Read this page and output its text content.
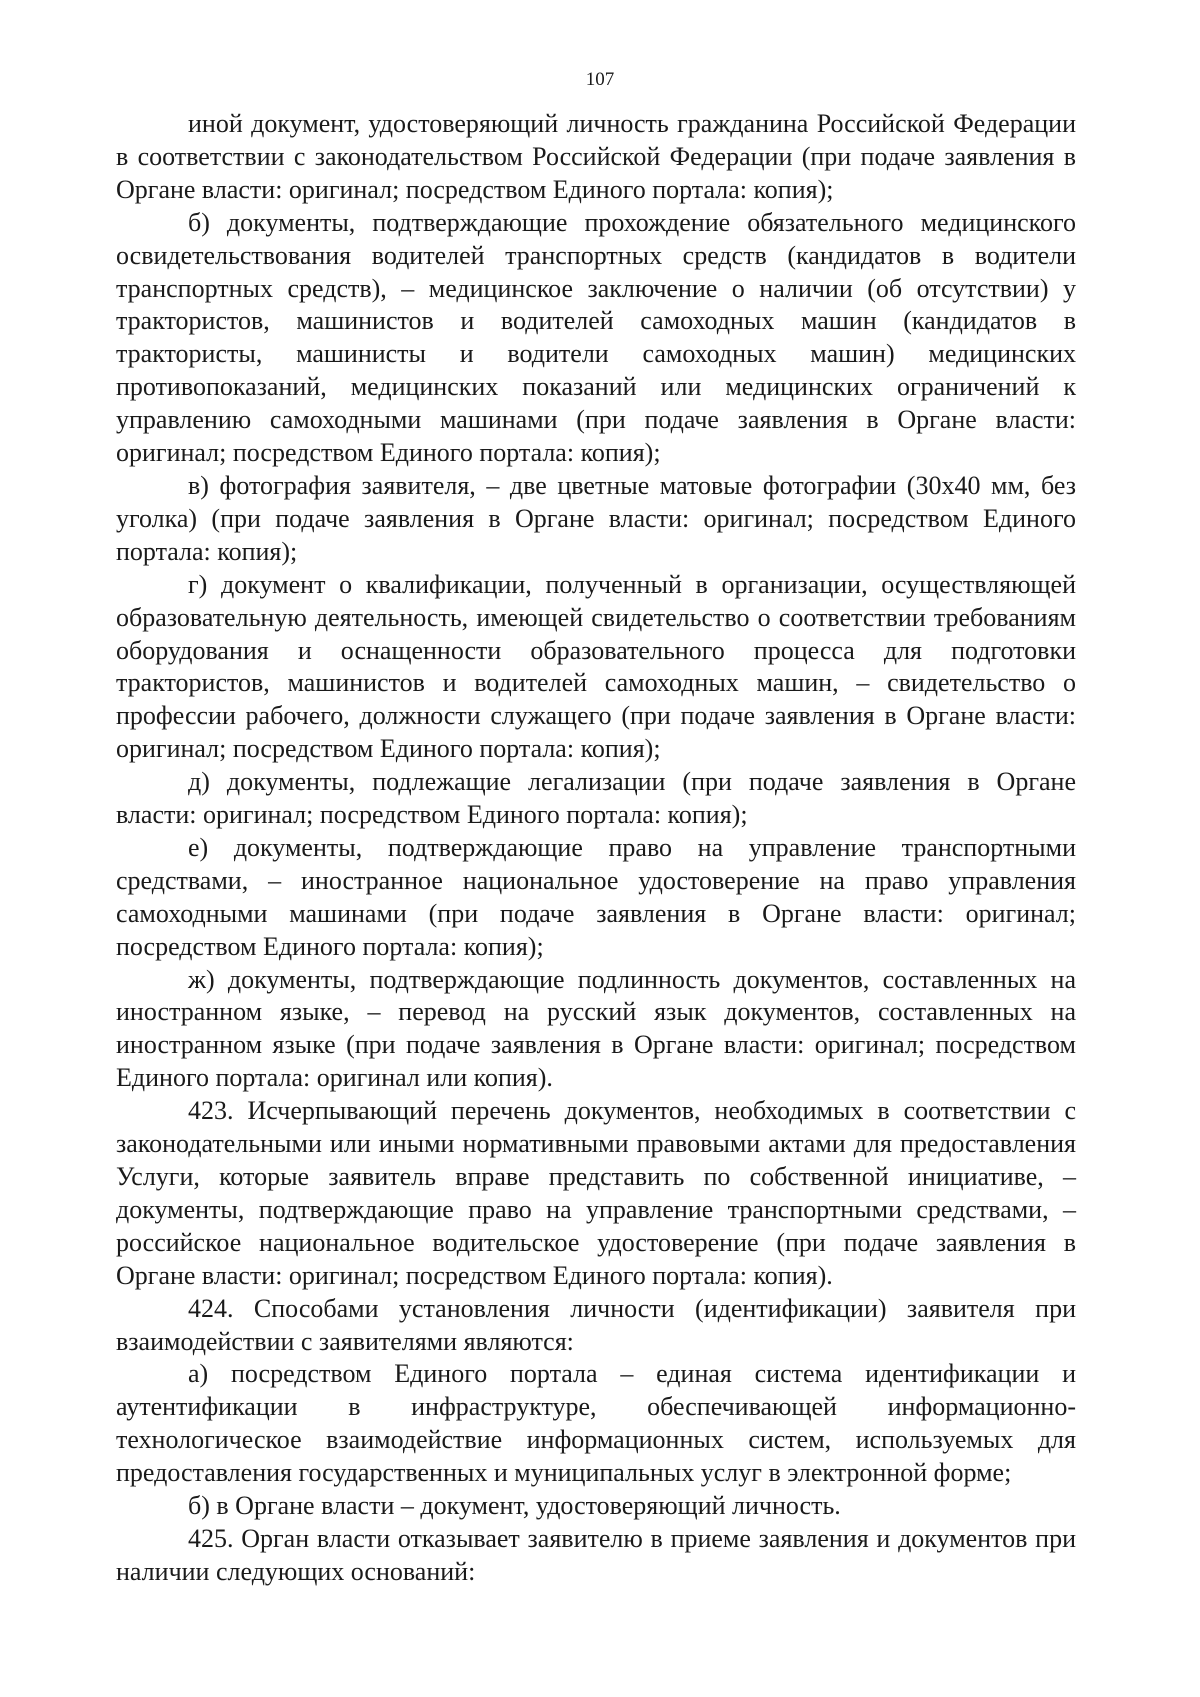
107

иной документ, удостоверяющий личность гражданина Российской Федерации в соответствии с законодательством Российской Федерации (при подаче заявления в Органе власти: оригинал; посредством Единого портала: копия);

б) документы, подтверждающие прохождение обязательного медицинского освидетельствования водителей транспортных средств (кандидатов в водители транспортных средств), – медицинское заключение о наличии (об отсутствии) у трактористов, машинистов и водителей самоходных машин (кандидатов в трактористы, машинисты и водители самоходных машин) медицинских противопоказаний, медицинских показаний или медицинских ограничений к управлению самоходными машинами (при подаче заявления в Органе власти: оригинал; посредством Единого портала: копия);

в) фотография заявителя, – две цветные матовые фотографии (30x40 мм, без уголка) (при подаче заявления в Органе власти: оригинал; посредством Единого портала: копия);

г) документ о квалификации, полученный в организации, осуществляющей образовательную деятельность, имеющей свидетельство о соответствии требованиям оборудования и оснащенности образовательного процесса для подготовки трактористов, машинистов и водителей самоходных машин, – свидетельство о профессии рабочего, должности служащего (при подаче заявления в Органе власти: оригинал; посредством Единого портала: копия);

д) документы, подлежащие легализации (при подаче заявления в Органе власти: оригинал; посредством Единого портала: копия);

е) документы, подтверждающие право на управление транспортными средствами, – иностранное национальное удостоверение на право управления самоходными машинами (при подаче заявления в Органе власти: оригинал; посредством Единого портала: копия);

ж) документы, подтверждающие подлинность документов, составленных на иностранном языке, – перевод на русский язык документов, составленных на иностранном языке (при подаче заявления в Органе власти: оригинал; посредством Единого портала: оригинал или копия).

423. Исчерпывающий перечень документов, необходимых в соответствии с законодательными или иными нормативными правовыми актами для предоставления Услуги, которые заявитель вправе представить по собственной инициативе, – документы, подтверждающие право на управление транспортными средствами, – российское национальное водительское удостоверение (при подаче заявления в Органе власти: оригинал; посредством Единого портала: копия).

424. Способами установления личности (идентификации) заявителя при взаимодействии с заявителями являются:

а) посредством Единого портала – единая система идентификации и аутентификации в инфраструктуре, обеспечивающей информационно-технологическое взаимодействие информационных систем, используемых для предоставления государственных и муниципальных услуг в электронной форме;

б) в Органе власти – документ, удостоверяющий личность.

425. Орган власти отказывает заявителю в приеме заявления и документов при наличии следующих оснований:
